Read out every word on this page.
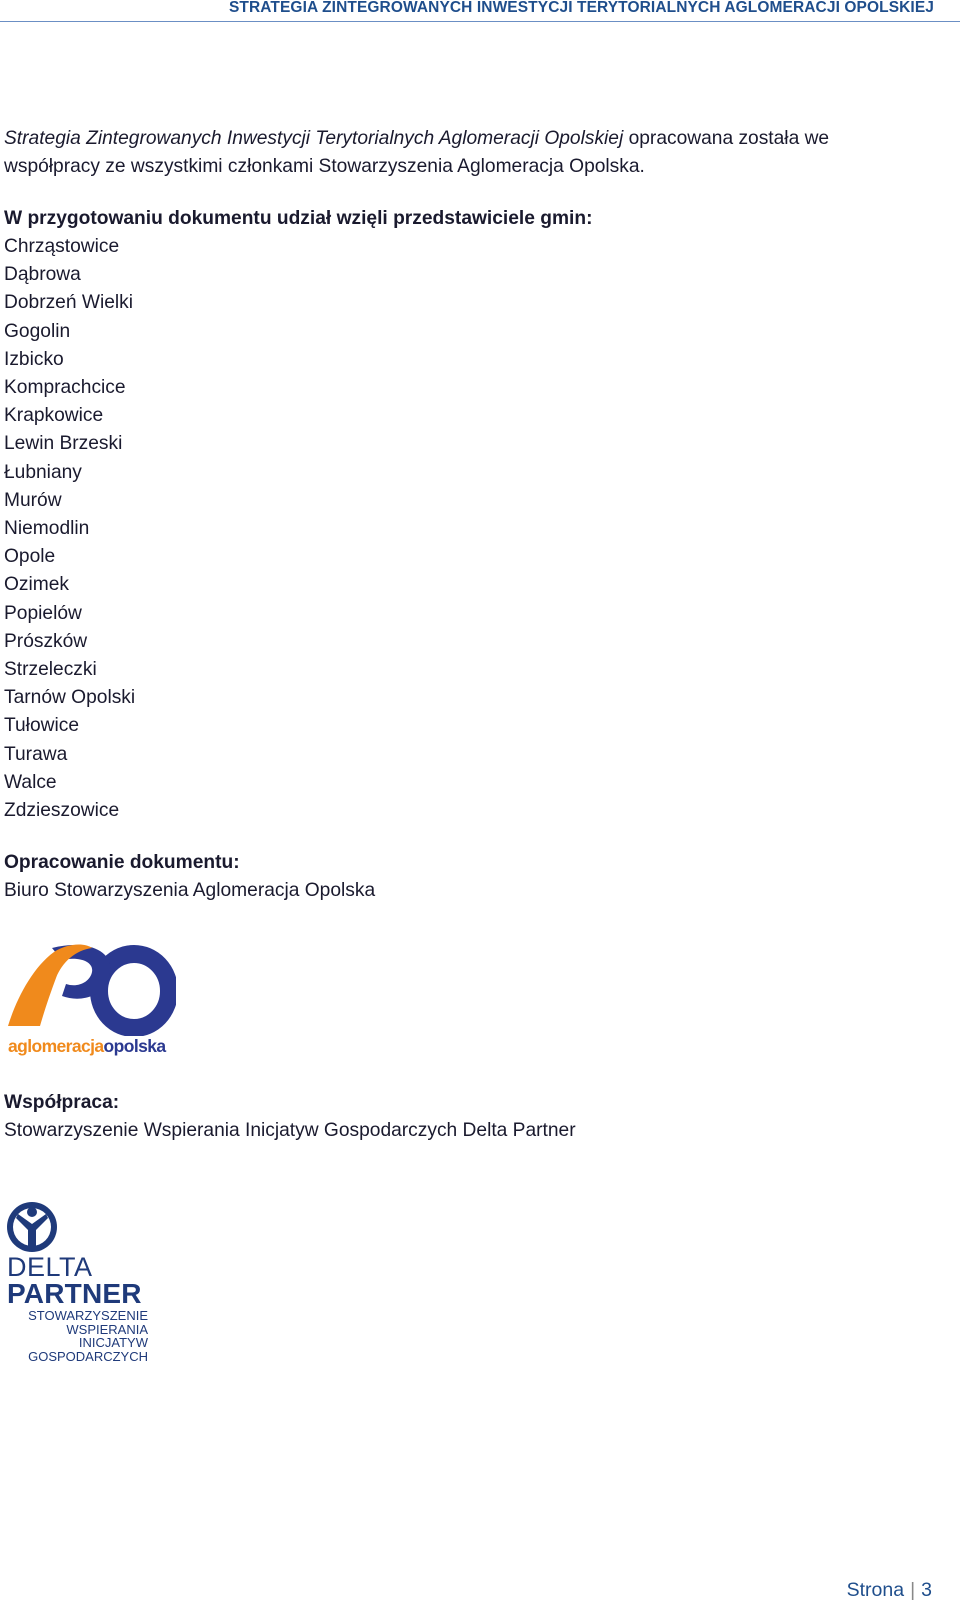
STRATEGIA ZINTEGROWANYCH INWESTYCJI TERYTORIALNYCH AGLOMERACJI OPOLSKIEJ
Strategia Zintegrowanych Inwestycji Terytorialnych Aglomeracji Opolskiej opracowana została we
współpracy ze wszystkimi członkami Stowarzyszenia Aglomeracja Opolska.
W przygotowaniu dokumentu udział wzięli przedstawiciele gmin:
Chrząstowice
Dąbrowa
Dobrzeń Wielki
Gogolin
Izbicko
Komprachcice
Krapkowice
Lewin Brzeski
Łubniany
Murów
Niemodlin
Opole
Ozimek
Popielów
Prószków
Strzeleczki
Tarnów Opolski
Tułowice
Turawa
Walce
Zdzieszowice
Opracowanie dokumentu:
Biuro Stowarzyszenia Aglomeracja Opolska
aglomeracjaopolska
Współpraca:
Stowarzyszenie Wspierania Inicjatyw Gospodarczych Delta Partner
DELTA
PARTNER
STOWARZYSZENIE
WSPIERANIA
INICJATYW
GOSPODARCZYCH
Strona | 3
